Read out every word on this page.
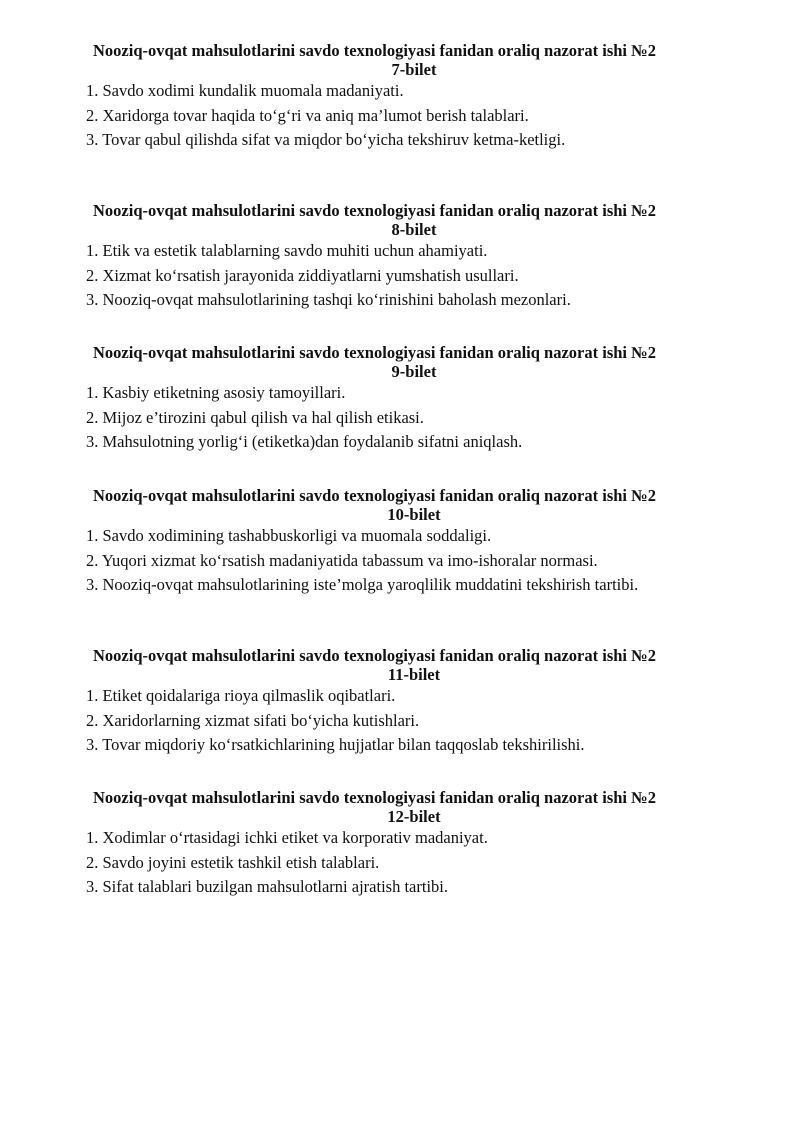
Nooziq-ovqat mahsulotlarini savdo texnologiyasi fanidan oraliq nazorat ishi №2
7-bilet
1. Savdo xodimi kundalik muomala madaniyati.
2. Xaridorga tovar haqida to‘g‘ri va aniq ma’lumot berish talablari.
3. Tovar qabul qilishda sifat va miqdor bo‘yicha tekshiruv ketma-ketligi.
Nooziq-ovqat mahsulotlarini savdo texnologiyasi fanidan oraliq nazorat ishi №2
8-bilet
1. Etik va estetik talablarning savdo muhiti uchun ahamiyati.
2. Xizmat ko‘rsatish jarayonida ziddiyatlarni yumshatish usullari.
3. Nooziq-ovqat mahsulotlarining tashqi ko‘rinishini baholash mezonlari.
Nooziq-ovqat mahsulotlarini savdo texnologiyasi fanidan oraliq nazorat ishi №2
9-bilet
1. Kasbiy etiketning asosiy tamoyillari.
2. Mijoz e’tirozini qabul qilish va hal qilish etikasi.
3. Mahsulotning yorlig‘i (etiketka)dan foydalanib sifatni aniqlash.
Nooziq-ovqat mahsulotlarini savdo texnologiyasi fanidan oraliq nazorat ishi №2
10-bilet
1. Savdo xodimining tashabbuskorligi va muomala soddaligi.
2. Yuqori xizmat ko‘rsatish madaniyatida tabassum va imo-ishoralar normasi.
3. Nooziq-ovqat mahsulotlarining iste’molga yaroqlilik muddatini tekshirish tartibi.
Nooziq-ovqat mahsulotlarini savdo texnologiyasi fanidan oraliq nazorat ishi №2
11-bilet
1. Etiket qoidalariga rioya qilmaslik oqibatlari.
2. Xaridorlarning xizmat sifati bo‘yicha kutishlari.
3. Tovar miqdoriy ko‘rsatkichlarining hujjatlar bilan taqqoslab tekshirilishi.
Nooziq-ovqat mahsulotlarini savdo texnologiyasi fanidan oraliq nazorat ishi №2
12-bilet
1. Xodimlar o‘rtasidagi ichki etiket va korporativ madaniyat.
2. Savdo joyini estetik tashkil etish talablari.
3. Sifat talablari buzilgan mahsulotlarni ajratish tartibi.
